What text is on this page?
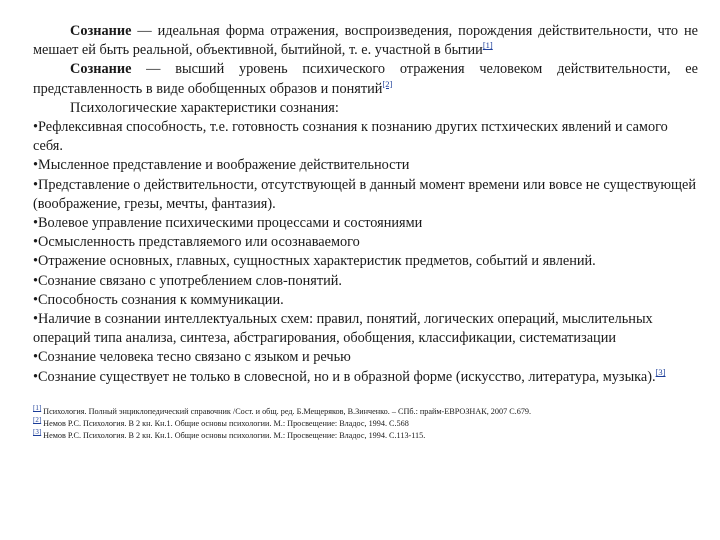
Сознание — идеальная форма отражения, воспроизведения, порождения действительности, что не мешает ей быть реальной, объективной, бытийной, т. е. участной в бытии[1]

Сознание — высший уровень психического отражения человеком действительности, ее представленность в виде обобщенных образов и понятий[2]

Психологические характеристики сознания:

•Рефлексивная способность, т.е. готовность сознания к познанию других пстхических явлений и самого себя.

•Мысленное представление и воображение действительности

•Представление о действительности, отсутствующей в данный момент времени или вовсе не существующей (воображение, грезы, мечты, фантазия).

•Волевое управление психическими процессами и состояниями

•Осмысленность представляемого или осознаваемого

•Отражение основных, главных, сущностных характеристик предметов, событий и явлений.

•Сознание связано с употреблением слов-понятий.

•Способность сознания к коммуникации.

•Наличие в сознании интеллектуальных схем: правил, понятий, логических операций, мыслительных операций типа анализа, синтеза, абстрагирования, обобщения, классификации, систематизации

•Сознание человека тесно связано с языком и речью

•Сознание существует не только в словесной, но и в образной форме (искусство, литература, музыка).[3]

[1] Психология. Полный энциклопедический справочник /Сост. и общ. ред. Б.Мещеряков, В.Зинченко. – СПб.: прайм-ЕВРОЗНАК, 2007 С.679.

[2] Немов Р.С. Психология. В 2 кн. Кн.1. Общие основы психологии. М.: Просвещение: Владос, 1994. С.568

[3] Немов Р.С. Психология. В 2 кн. Кн.1. Общие основы психологии. М.: Просвещение: Владос, 1994. С.113-115.
